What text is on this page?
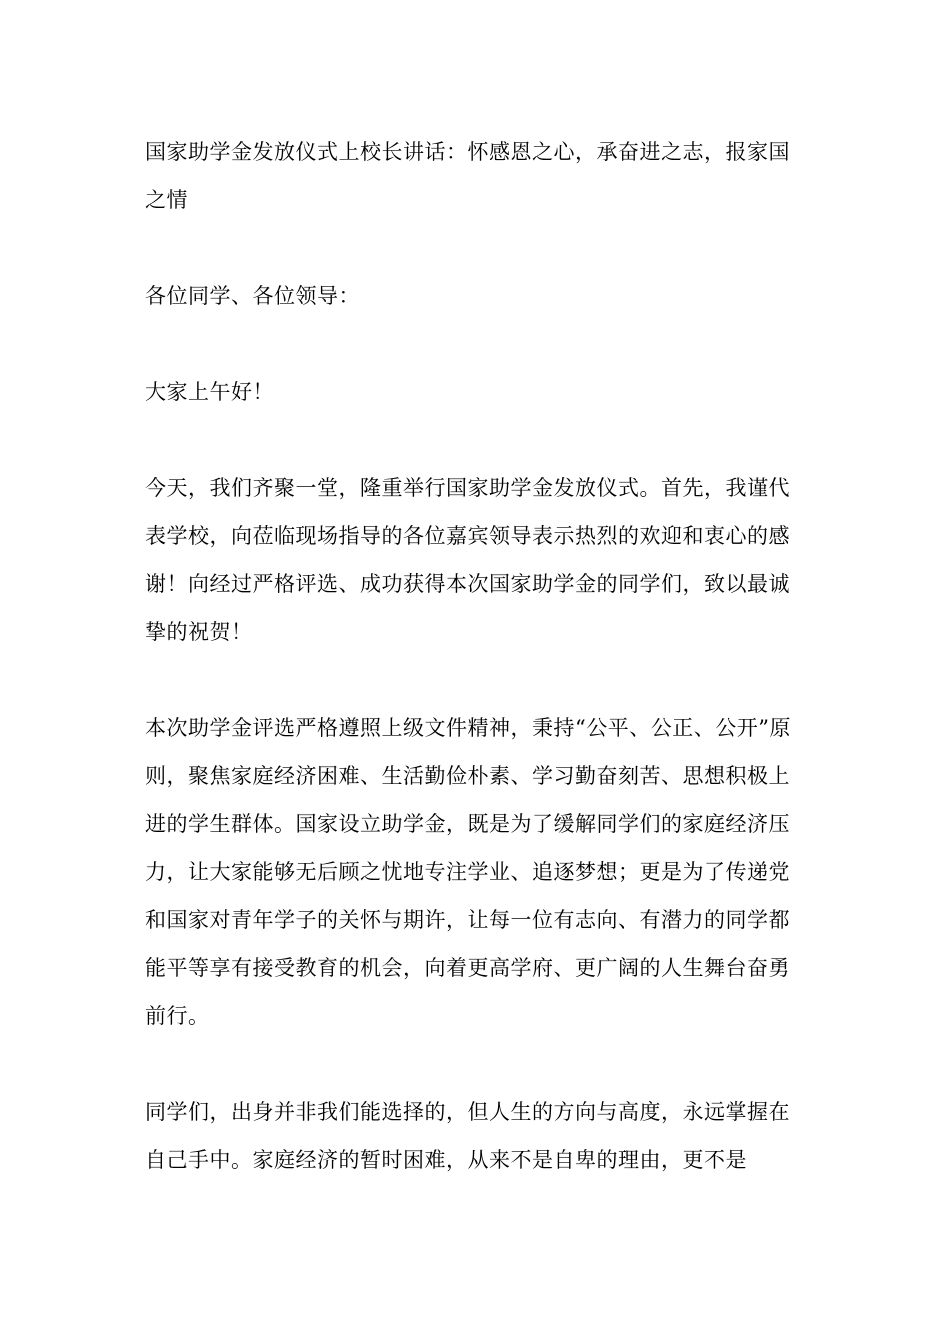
国家助学金发放仪式上校长讲话：怀感恩之心，承奋进之志，报家国之情

各位同学、各位领导：

大家上午好！

今天，我们齐聚一堂，隆重举行国家助学金发放仪式。首先，我谨代表学校，向莅临现场指导的各位嘉宾领导表示热烈的欢迎和衷心的感谢！向经过严格评选、成功获得本次国家助学金的同学们，致以最诚挚的祝贺！

本次助学金评选严格遵照上级文件精神，秉持“公平、公正、公开”原则，聚焦家庭经济困难、生活勤俭朴素、学习勤奋刻苦、思想积极上进的学生群体。国家设立助学金，既是为了缓解同学们的家庭经济压力，让大家能够无后顾之忧地专注学业、追逐梦想；更是为了传递党和国家对青年学子的关怀与期许，让每一位有志向、有潜力的同学都能平等享有接受教育的机会，向着更高学府、更广阔的人生舞台奋勇前行。

同学们，出身并非我们能选择的，但人生的方向与高度，永远掌握在自己手中。家庭经济的暂时困难，从来不是自卑的理由，更不是
